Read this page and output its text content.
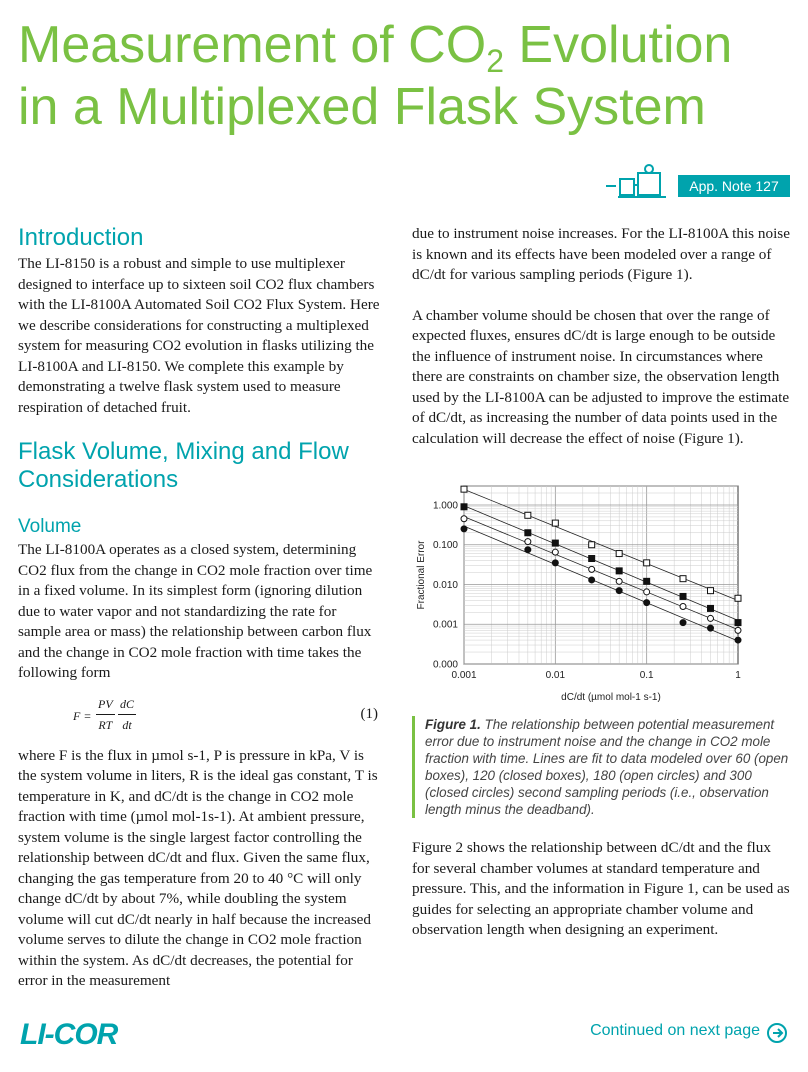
Measurement of $CO_2$ Evolution
in a Multiplexed Flask System
App. Note 127
Introduction

The LI-8150 is a robust and simple to use multiplexer designed to interface up to sixteen soil CO2 flux chambers with the LI-8100A Automated Soil CO2 Flux System. Here we describe considerations for constructing a multiplexed system for measuring CO2 evolution in flasks utilizing the LI-8100A and LI-8150. We complete this example by demonstrating a twelve flask system used to measure respiration of detached fruit.

Flask Volume, Mixing and Flow Considerations
Volume

The LI-8100A operates as a closed system, determining CO2 flux from the change in CO2 mole fraction over time in a fixed volume. In its simplest form (ignoring dilution due to water vapor and not standardizing the rate for sample area or mass) the relationship between carbon flux and the change in CO2 mole fraction with time takes the following form

$F = \frac{PV}{RT} \frac{dC}{dt}$	(1)

where F is the flux in µmol s-1, P is pressure in kPa, V is the system volume in liters, R is the ideal gas constant, T is temperature in K, and dC/dt is the change in CO2 mole fraction with time (µmol mol-1s-1). At ambient pressure, system volume is the single largest factor controlling the relationship between dC/dt and flux. Given the same flux, changing the gas temperature from 20 to 40 °C will only change dC/dt by about 7%, while doubling the system volume will cut dC/dt nearly in half because the increased volume serves to dilute the change in CO2 mole fraction within the system. As dC/dt decreases, the potential for error in the measurement

due to instrument noise increases. For the LI-8100A this noise is known and its effects have been modeled over a range of dC/dt for various sampling periods (Figure 1).

A chamber volume should be chosen that over the range of expected fluxes, ensures dC/dt is large enough to be outside the influence of instrument noise. In circumstances where there are constraints on chamber size, the observation length used by the LI-8100A can be adjusted to improve the estimate of dC/dt, as increasing the number of data points used in the calculation will decrease the effect of noise (Figure 1).

0.001	0.01	0.1	1
0.000
0.001
0.010
0.100
1.000
dC/dt (µmol mol-1 s-1)
Fractional Error
Figure 1. The relationship between potential measurement error due to instrument noise and the change in CO2 mole fraction with time. Lines are fit to data modeled over 60 (open boxes), 120 (closed boxes), 180 (open circles) and 300 (closed circles) second sampling periods (i.e., observation length minus the deadband).

Figure 2 shows the relationship between dC/dt and the flux for several chamber volumes at standard temperature and pressure. This, and the information in Figure 1, can be used as guides for selecting an appropriate chamber volume and observation length when designing an experiment.

LI-COR	Continued on next page
